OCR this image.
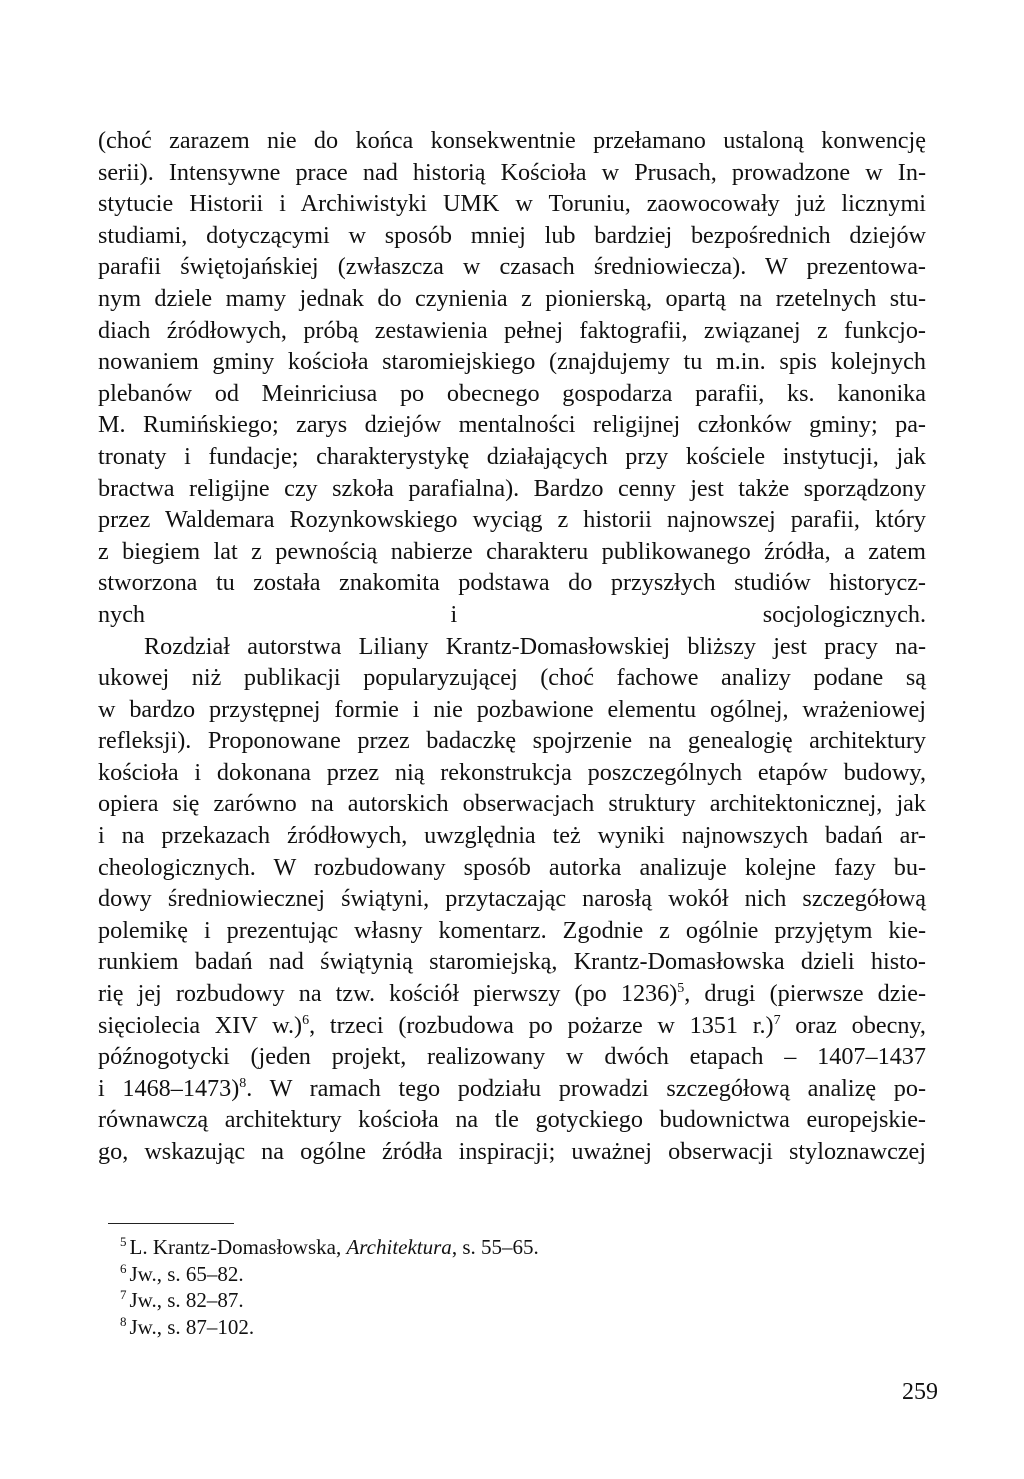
(choć zarazem nie do końca konsekwentnie przełamano ustaloną konwencję
serii). Intensywne prace nad historią Kościoła w Prusach, prowadzone w In-
stytucie Historii i Archiwistyki UMK w Toruniu, zaowocowały już licznymi
studiami, dotyczącymi w sposób mniej lub bardziej bezpośrednich dziejów
parafii świętojańskiej (zwłaszcza w czasach średniowiecza). W prezentowa-
nym dziele mamy jednak do czynienia z pionierską, opartą na rzetelnych stu-
diach źródłowych, próbą zestawienia pełnej faktografii, związanej z funkcjo-
nowaniem gminy kościoła staromiejskiego (znajdujemy tu m.in. spis kolejnych
plebanów od Meinriciusa po obecnego gospodarza parafii, ks. kanonika
M. Rumińskiego; zarys dziejów mentalności religijnej członków gminy; pa-
tronaty i fundacje; charakterystykę działających przy kościele instytucji, jak
bractwa religijne czy szkoła parafialna). Bardzo cenny jest także sporządzony
przez Waldemara Rozynkowskiego wyciąg z historii najnowszej parafii, który
z biegiem lat z pewnością nabierze charakteru publikowanego źródła, a zatem
stworzona tu została znakomita podstawa do przyszłych studiów historycz-
nych i socjologicznych.

Rozdział autorstwa Liliany Krantz-Domasłowskiej bliższy jest pracy na-
ukowej niż publikacji popularyzującej (choć fachowe analizy podane są
w bardzo przystępnej formie i nie pozbawione elementu ogólnej, wrażeniowej
refleksji). Proponowane przez badaczkę spojrzenie na genealogię architektury
kościoła i dokonana przez nią rekonstrukcja poszczególnych etapów budowy,
opiera się zarówno na autorskich obserwacjach struktury architektonicznej, jak
i na przekazach źródłowych, uwzględnia też wyniki najnowszych badań ar-
cheologicznych. W rozbudowany sposób autorka analizuje kolejne fazy bu-
dowy średniowiecznej świątyni, przytaczając narosłą wokół nich szczegółową
polemikę i prezentując własny komentarz. Zgodnie z ogólnie przyjętym kie-
runkiem badań nad świątynią staromiejską, Krantz-Domasłowska dzieli histo-
rię jej rozbudowy na tzw. kościół pierwszy (po 1236)$^5$, drugi (pierwsze dzie-
sięciolecia XIV w.)$^6$, trzeci (rozbudowa po pożarze w 1351 r.)$^7$ oraz obecny,
późnogotycki (jeden projekt, realizowany w dwóch etapach – 1407–1437
i 1468–1473)$^8$. W ramach tego podziału prowadzi szczegółową analizę po-
równawczą architektury kościoła na tle gotyckiego budownictwa europejskie-
go, wskazując na ogólne źródła inspiracji; uważnej obserwacji styloznawczej

$^5$ L. Krantz-Domasłowska, Architektura, s. 55–65.
$^6$ Jw., s. 65–82.
$^7$ Jw., s. 82–87.
$^8$ Jw., s. 87–102.
259
